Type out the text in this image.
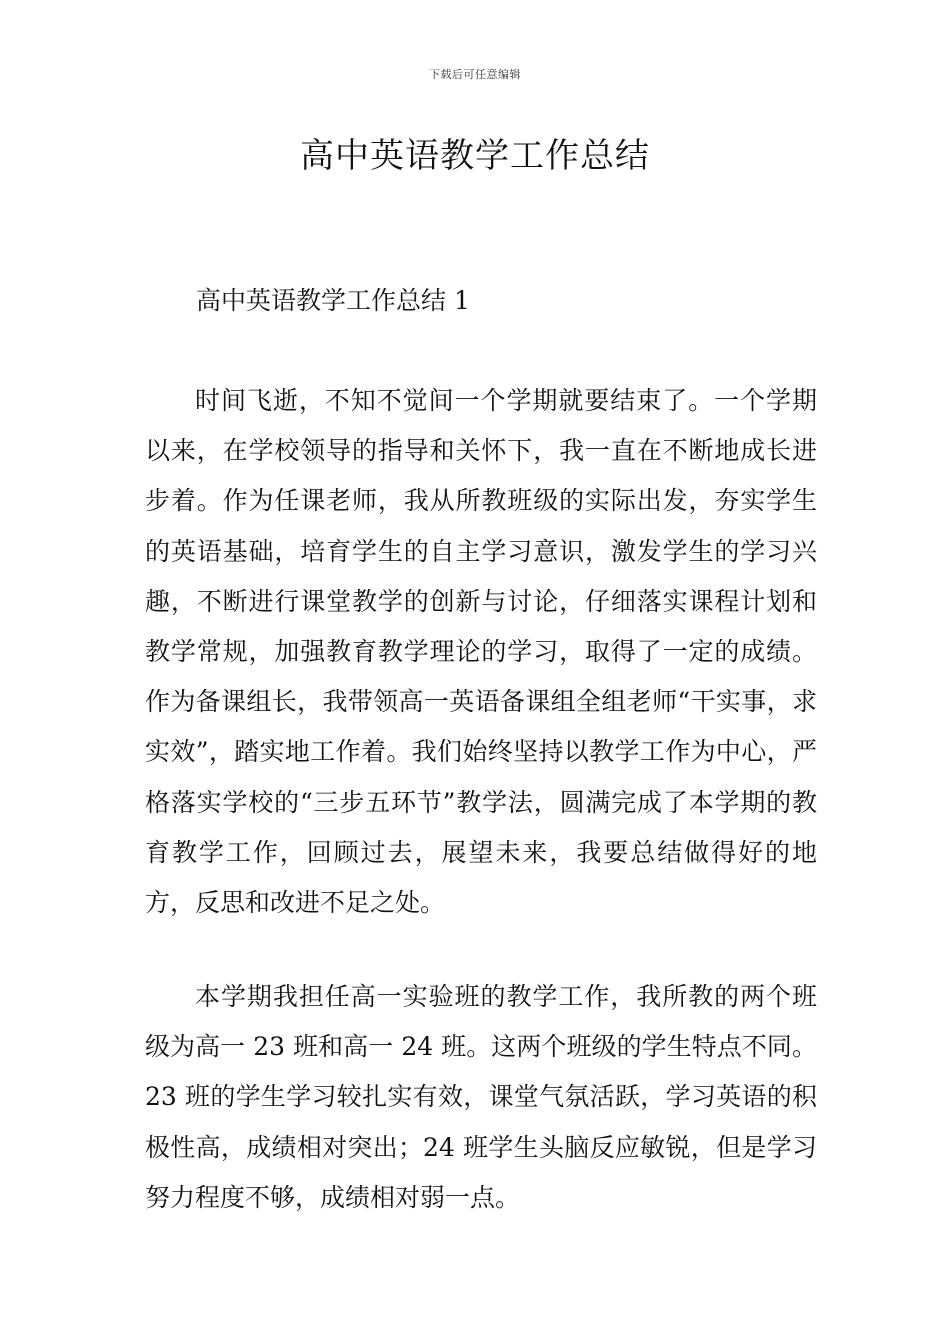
下载后可任意编辑
高中英语教学工作总结
高中英语教学工作总结 1

时间飞逝，不知不觉间一个学期就要结束了。一个学期以来，在学校领导的指导和关怀下，我一直在不断地成长进步着。作为任课老师，我从所教班级的实际出发，夯实学生的英语基础，培育学生的自主学习意识，激发学生的学习兴趣，不断进行课堂教学的创新与讨论，仔细落实课程计划和教学常规，加强教育教学理论的学习，取得了一定的成绩。作为备课组长，我带领高一英语备课组全组老师“干实事，求实效”，踏实地工作着。我们始终坚持以教学工作为中心，严格落实学校的“三步五环节”教学法，圆满完成了本学期的教育教学工作，回顾过去，展望未来，我要总结做得好的地方，反思和改进不足之处。

本学期我担任高一实验班的教学工作，我所教的两个班级为高一 23 班和高一 24 班。这两个班级的学生特点不同。23 班的学生学习较扎实有效，课堂气氛活跃，学习英语的积极性高，成绩相对突出；24 班学生头脑反应敏锐，但是学习努力程度不够，成绩相对弱一点。
